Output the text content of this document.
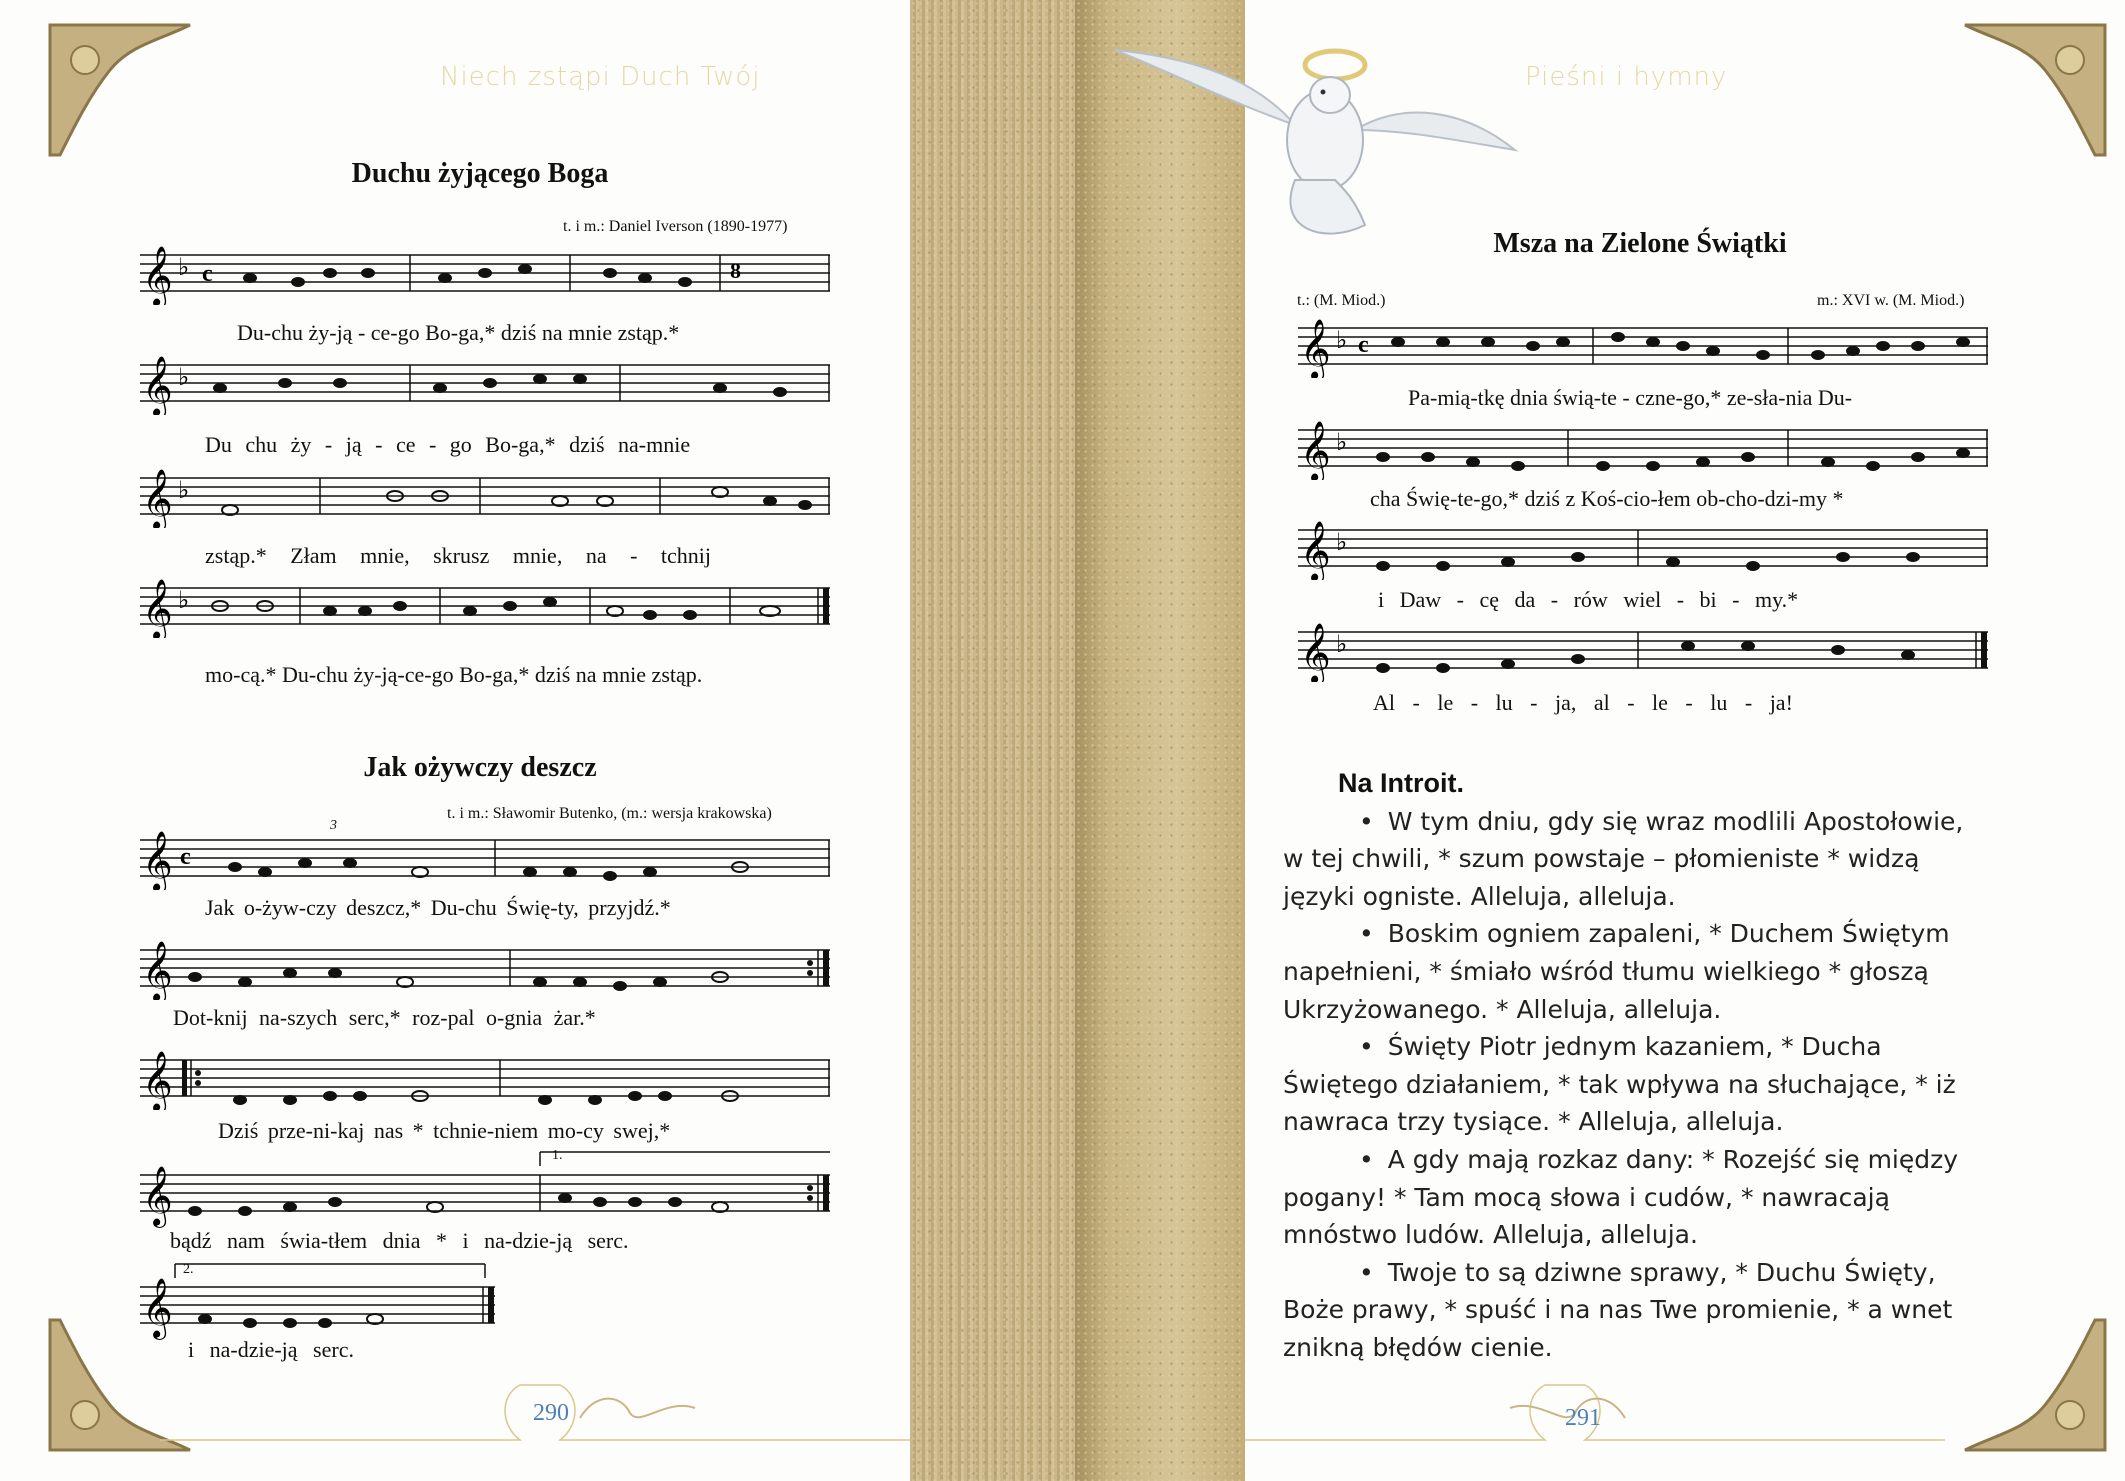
Niech zstąpi Duch Twój
Duchu żyjącego Boga
t. i m.: Daniel Iverson (1890-1977)
𝄞 ♭ c	8
Du-chu ży-ją - ce-go Bo-ga,* dziś na mnie zstąp.*
𝄞 ♭
Du chu ży - ją - ce - go Bo-ga,* dziś na-mnie
𝄞 ♭
zstąp.* Złam mnie, skrusz mnie, na - tchnij
𝄞 ♭
mo-cą.* Du-chu ży-ją-ce-go Bo-ga,* dziś na mnie zstąp.
Jak ożywczy deszcz
t. i m.: Sławomir Butenko, (m.: wersja krakowska)
𝄞 c
3
Jak o-żyw-czy deszcz,* Du-chu Świę-ty, przyjdź.*
𝄞
Dot-knij na-szych serc,* roz-pal o-gnia żar.*
𝄞
Dziś prze-ni-kaj nas * tchnie-niem mo-cy swej,*
𝄞
1.
bądź nam świa-tłem dnia * i na-dzie-ją serc.
𝄞
2.
i na-dzie-ją serc.
290
Pieśni i hymny
Msza na Zielone Świątki
t.: (M. Miod.)	m.: XVI w. (M. Miod.)
𝄞 ♭ c
Pa-mią-tkę dnia świą-te - czne-go,* ze-sła-nia Du-
𝄞 ♭
cha Świę-te-go,* dziś z Koś-cio-łem ob-cho-dzi-my *
𝄞 ♭
i Daw - cę da - rów wiel - bi - my.*
𝄞 ♭
Al - le - lu - ja, al - le - lu - ja!
Na Introit.
• W tym dniu, gdy się wraz modlili Apostołowie, w tej chwili, * szum powstaje – płomieniste * widzą języki ogniste. Alleluja, alleluja.
• Boskim ogniem zapaleni, * Duchem Świętym napełnieni, * śmiało wśród tłumu wielkiego * głoszą Ukrzyżowanego. * Alleluja, alleluja.
• Święty Piotr jednym kazaniem, * Ducha Świętego działaniem, * tak wpływa na słuchające, * iż nawraca trzy tysiące. * Alleluja, alleluja.
• A gdy mają rozkaz dany: * Rozejść się między pogany! * Tam mocą słowa i cudów, * nawracają mnóstwo ludów. Alleluja, alleluja.
• Twoje to są dziwne sprawy, * Duchu Święty, Boże prawy, * spuść i na nas Twe promienie, * a wnet znikną błędów cienie.
291
